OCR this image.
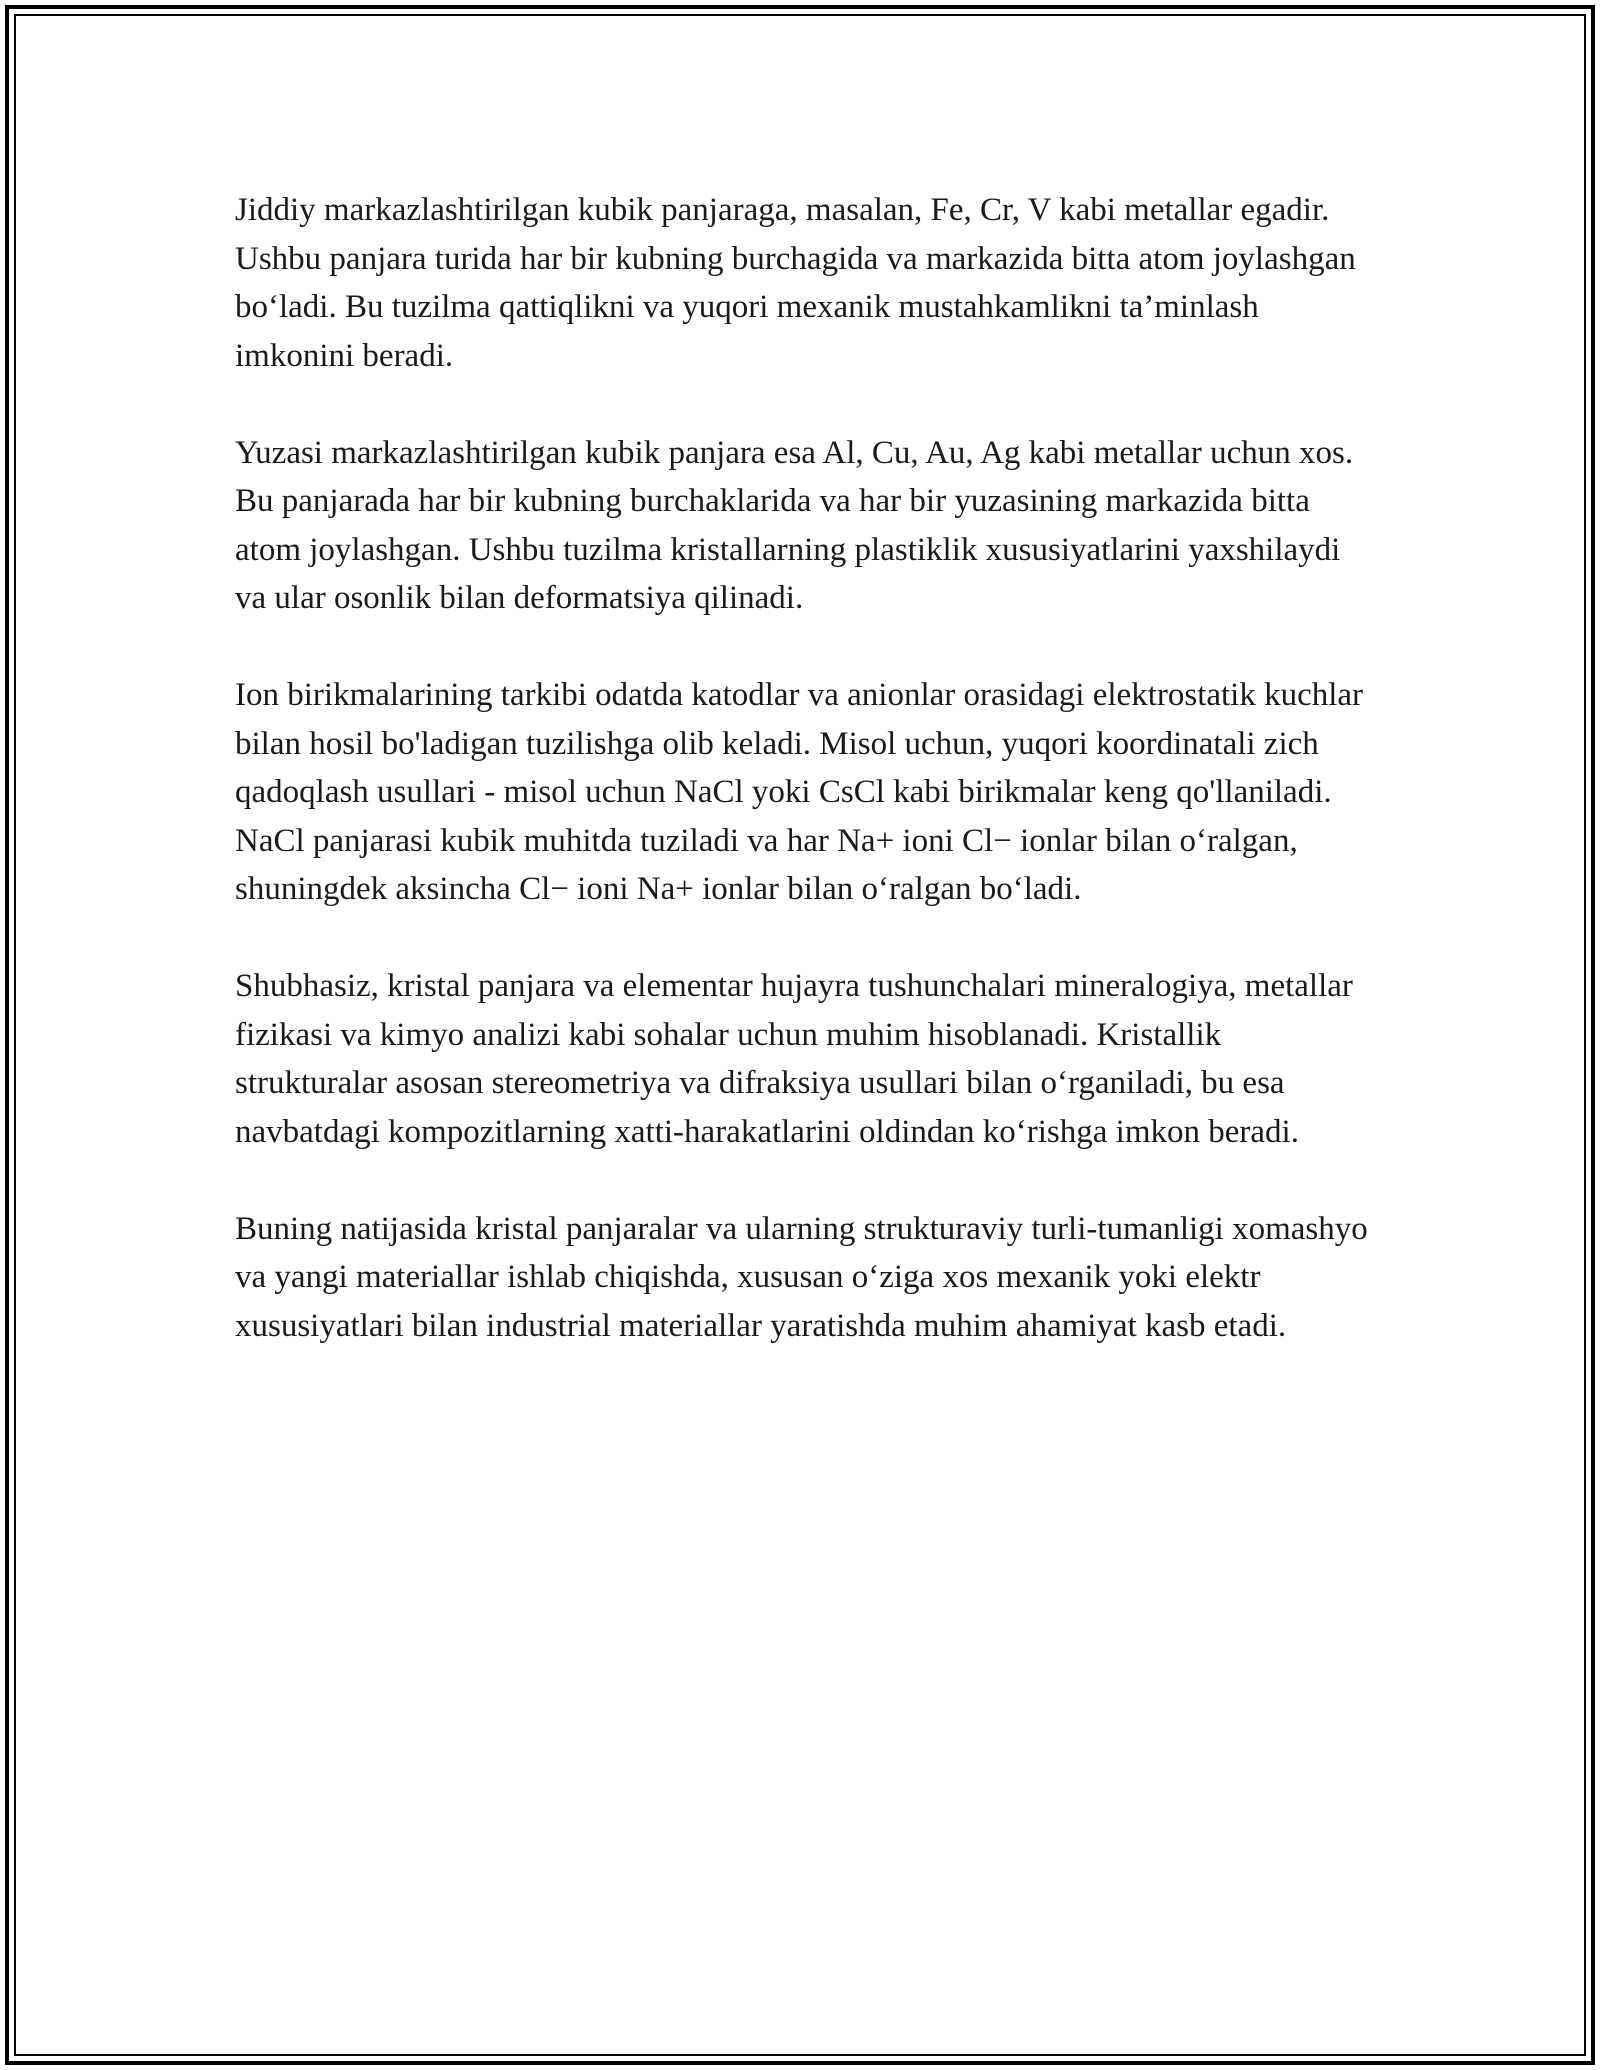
Jiddiy markazlashtirilgan kubik panjaraga, masalan, Fe, Cr, V kabi metallar egadir. Ushbu panjara turida har bir kubning burchagida va markazida bitta atom joylashgan bo‘ladi. Bu tuzilma qattiqlikni va yuqori mexanik mustahkamlikni ta’minlash imkonini beradi.

Yuzasi markazlashtirilgan kubik panjara esa Al, Cu, Au, Ag kabi metallar uchun xos. Bu panjarada har bir kubning burchaklarida va har bir yuzasining markazida bitta atom joylashgan. Ushbu tuzilma kristallarning plastiklik xususiyatlarini yaxshilaydi va ular osonlik bilan deformatsiya qilinadi.

Ion birikmalarining tarkibi odatda katodlar va anionlar orasidagi elektrostatik kuchlar bilan hosil bo'ladigan tuzilishga olib keladi. Misol uchun, yuqori koordinatali zich qadoqlash usullari - misol uchun NaCl yoki CsCl kabi birikmalar keng qo'llaniladi. NaCl panjarasi kubik muhitda tuziladi va har Na+ ioni Cl− ionlar bilan o‘ralgan, shuningdek aksincha Cl− ioni Na+ ionlar bilan o‘ralgan bo‘ladi.

Shubhasiz, kristal panjara va elementar hujayra tushunchalari mineralogiya, metallar fizikasi va kimyo analizi kabi sohalar uchun muhim hisoblanadi. Kristallik strukturalar asosan stereometriya va difraksiya usullari bilan o‘rganiladi, bu esa navbatdagi kompozitlarning xatti-harakatlarini oldindan ko‘rishga imkon beradi.

Buning natijasida kristal panjaralar va ularning strukturaviy turli-tumanligi xomashyo va yangi materiallar ishlab chiqishda, xususan o‘ziga xos mexanik yoki elektr xususiyatlari bilan industrial materiallar yaratishda muhim ahamiyat kasb etadi.
